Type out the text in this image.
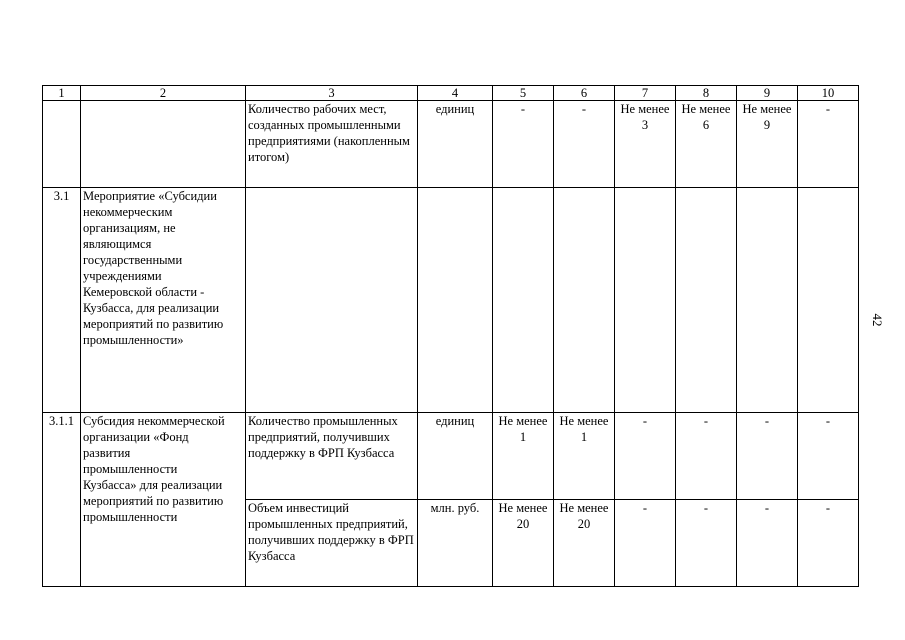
42
1	2	3	4	5	6	7	8	9	10
		Количество рабочих мест, созданных промышленными предприятиями (накопленным итогом)	единиц	-	-	Не менее 3	Не менее 6	Не менее 9	-
3.1	Мероприятие «Субсидии некоммерческим организациям, не являющимся государственными учреждениями Кемеровской области - Кузбасса, для реализации мероприятий по развитию промышленности»								
3.1.1	Субсидия некоммерческой организации «Фонд развития промышленности Кузбасса» для реализации мероприятий по развитию промышленности	Количество промышленных предприятий, получивших поддержку в ФРП Кузбасса	единиц	Не менее 1	Не менее 1	-	-	-	-
		Объем инвестиций промышленных предприятий, получивших поддержку в ФРП Кузбасса	млн. руб.	Не менее 20	Не менее 20	-	-	-	-
